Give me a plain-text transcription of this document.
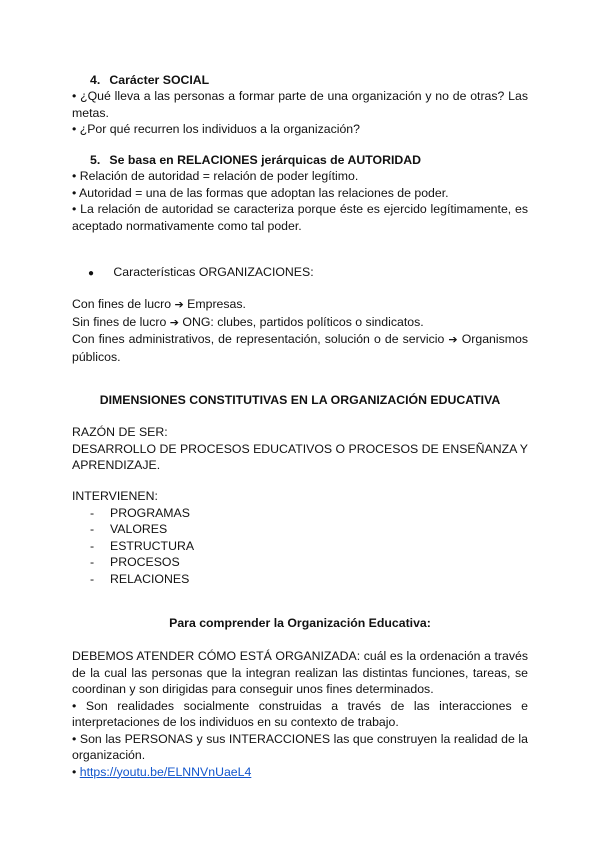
4. Carácter SOCIAL

• ¿Qué lleva a las personas a formar parte de una organización y no de otras? Las metas.

• ¿Por qué recurren los individuos a la organización?

5. Se basa en RELACIONES jerárquicas de AUTORIDAD

• Relación de autoridad = relación de poder legítimo.

• Autoridad = una de las formas que adoptan las relaciones de poder.

• La relación de autoridad se caracteriza porque éste es ejercido legítimamente, es aceptado normativamente como tal poder.

● Características ORGANIZACIONES:

Con fines de lucro ➔ Empresas.

Sin fines de lucro ➔ ONG: clubes, partidos políticos o sindicatos.

Con fines administrativos, de representación, solución o de servicio ➔ Organismos públicos.

DIMENSIONES CONSTITUTIVAS EN LA ORGANIZACIÓN EDUCATIVA

RAZÓN DE SER:

DESARROLLO DE PROCESOS EDUCATIVOS O PROCESOS DE ENSEÑANZA Y APRENDIZAJE.

INTERVIENEN:

- PROGRAMAS

- VALORES

- ESTRUCTURA

- PROCESOS

- RELACIONES

Para comprender la Organización Educativa:

DEBEMOS ATENDER CÓMO ESTÁ ORGANIZADA: cuál es la ordenación a través de la cual las personas que la integran realizan las distintas funciones, tareas, se coordinan y son dirigidas para conseguir unos fines determinados.

• Son realidades socialmente construidas a través de las interacciones e interpretaciones de los individuos en su contexto de trabajo.

• Son las PERSONAS y sus INTERACCIONES las que construyen la realidad de la organización.

• https://youtu.be/ELNNVnUaeL4
